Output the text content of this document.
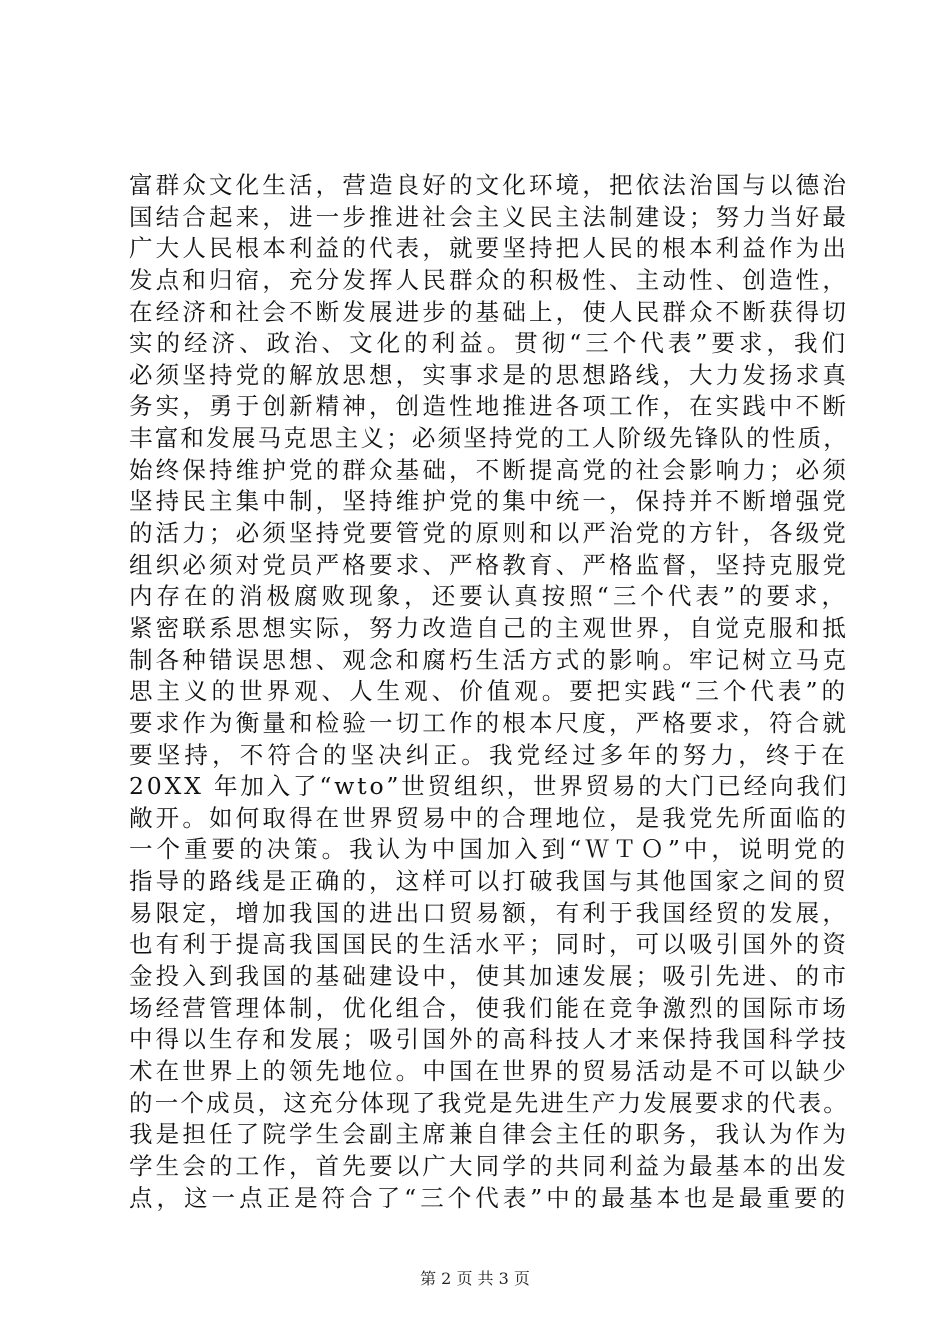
富群众文化生活，营造良好的文化环境，把依法治国与以德治
国结合起来，进一步推进社会主义民主法制建设；努力当好最
广大人民根本利益的代表，就要坚持把人民的根本利益作为出
发点和归宿，充分发挥人民群众的积极性、主动性、创造性，
在经济和社会不断发展进步的基础上，使人民群众不断获得切
实的经济、政治、文化的利益。贯彻“三个代表”要求，我们
必须坚持党的解放思想，实事求是的思想路线，大力发扬求真
务实，勇于创新精神，创造性地推进各项工作，在实践中不断
丰富和发展马克思主义；必须坚持党的工人阶级先锋队的性质，
始终保持维护党的群众基础，不断提高党的社会影响力；必须
坚持民主集中制，坚持维护党的集中统一，保持并不断增强党
的活力；必须坚持党要管党的原则和以严治党的方针，各级党
组织必须对党员严格要求、严格教育、严格监督，坚持克服党
内存在的消极腐败现象，还要认真按照“三个代表”的要求，
紧密联系思想实际，努力改造自己的主观世界，自觉克服和抵
制各种错误思想、观念和腐朽生活方式的影响。牢记树立马克
思主义的世界观、人生观、价值观。要把实践“三个代表”的
要求作为衡量和检验一切工作的根本尺度，严格要求，符合就
要坚持，不符合的坚决纠正。我党经过多年的努力，终于在
20XX 年加入了“wto”世贸组织，世界贸易的大门已经向我们
敞开。如何取得在世界贸易中的合理地位，是我党先所面临的
一个重要的决策。我认为中国加入到“ＷＴＯ”中，说明党的
指导的路线是正确的，这样可以打破我国与其他国家之间的贸
易限定，增加我国的进出口贸易额，有利于我国经贸的发展，
也有利于提高我国国民的生活水平；同时，可以吸引国外的资
金投入到我国的基础建设中，使其加速发展；吸引先进、的市
场经营管理体制，优化组合，使我们能在竞争激烈的国际市场
中得以生存和发展；吸引国外的高科技人才来保持我国科学技
术在世界上的领先地位。中国在世界的贸易活动是不可以缺少
的一个成员，这充分体现了我党是先进生产力发展要求的代表。
我是担任了院学生会副主席兼自律会主任的职务，我认为作为
学生会的工作，首先要以广大同学的共同利益为最基本的出发
点，这一点正是符合了“三个代表”中的最基本也是最重要的
第 2 页 共 3 页
